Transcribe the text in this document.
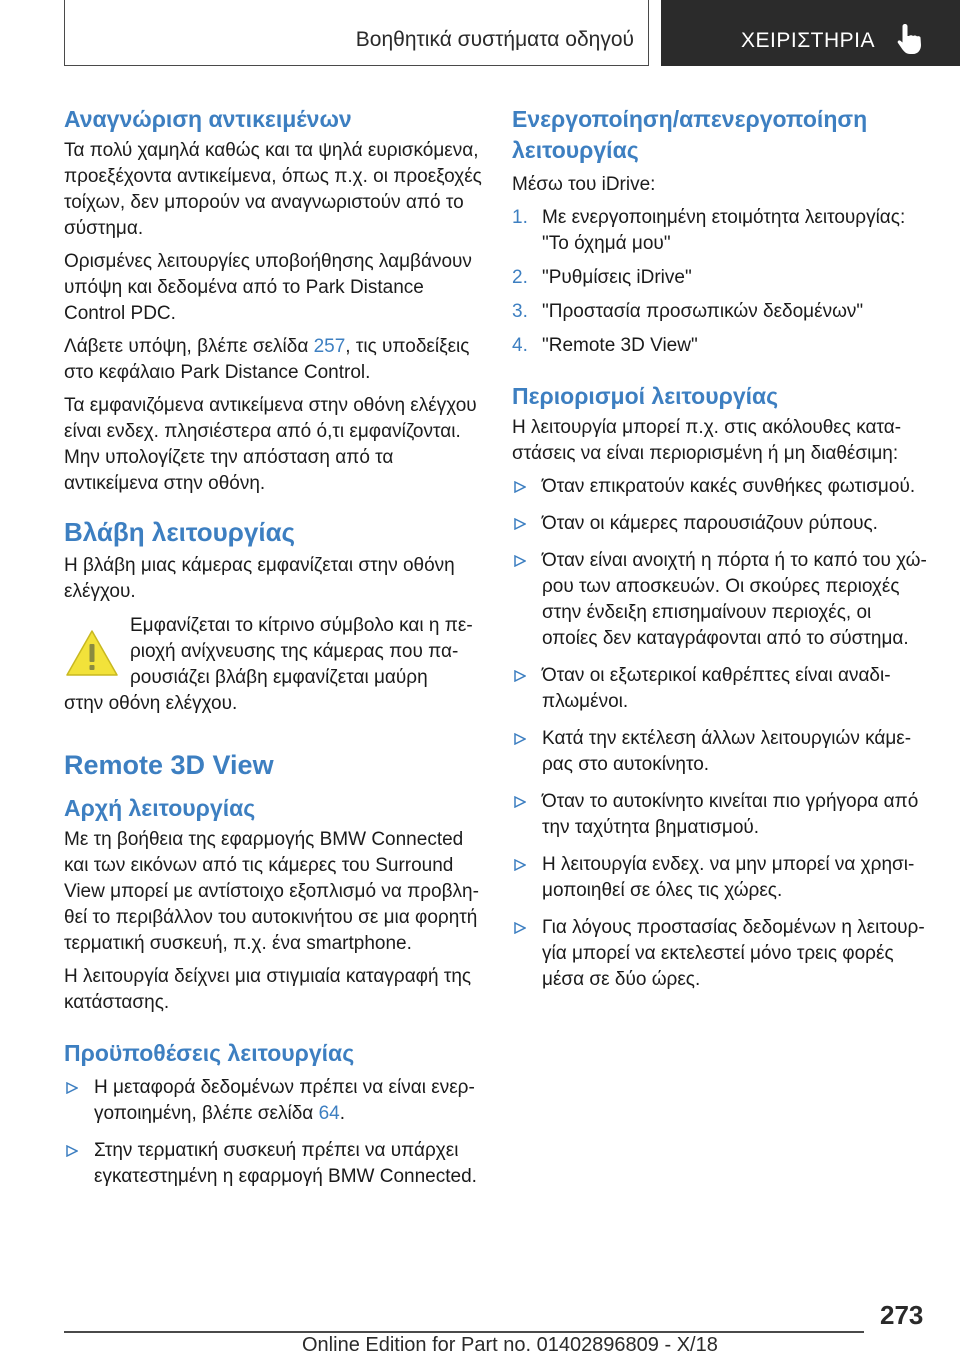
Βοηθητικά συστήματα οδηγού	ΧΕΙΡΙΣΤΗΡΙΑ
Αναγνώριση αντικειμένων

Τα πολύ χαμηλά καθώς και τα ψηλά ευρισκόμενα, προεξέχοντα αντικείμενα, όπως π.χ. οι προεξοχές τοίχων, δεν μπορούν να αναγνωριστούν από το σύστημα.

Ορισμένες λειτουργίες υποβοήθησης λαμβάνουν υπόψη και δεδομένα από το Park Distance Control PDC.

Λάβετε υπόψη, βλέπε σελίδα 257, τις υποδείξεις στο κεφάλαιο Park Distance Control.

Τα εμφανιζόμενα αντικείμενα στην οθόνη ελέγχου είναι ενδεχ. πλησιέστερα από ό,τι εμφανίζονται. Μην υπολογίζετε την απόσταση από τα αντικείμενα στην οθόνη.

Βλάβη λειτουργίας

Η βλάβη μιας κάμερας εμφανίζεται στην οθόνη ελέγχου.

Εμφανίζεται το κίτρινο σύμβολο και η περιοχή ανίχνευσης της κάμερας που παρουσιάζει βλάβη εμφανίζεται μαύρη

στην οθόνη ελέγχου.

Remote 3D View
Αρχή λειτουργίας

Με τη βοήθεια της εφαρμογής BMW Connected και των εικόνων από τις κάμερες του Surround View μπορεί με αντίστοιχο εξοπλισμό να προβληθεί το περιβάλλον του αυτοκινήτου σε μια φορητή τερματική συσκευή, π.χ. ένα smartphone.

Η λειτουργία δείχνει μια στιγμιαία καταγραφή της κατάστασης.

Προϋποθέσεις λειτουργίας
Η μεταφορά δεδομένων πρέπει να είναι ενεργοποιημένη, βλέπε σελίδα 64.
Στην τερματική συσκευή πρέπει να υπάρχει εγκατεστημένη η εφαρμογή BMW Connected.
Ενεργοποίηση/απενεργοποίηση λειτουργίας

Μέσω του iDrive:

1. Με ενεργοποιημένη ετοιμότητα λειτουργίας: "Το όχημά μου"
2. "Ρυθμίσεις iDrive"
3. "Προστασία προσωπικών δεδομένων"
4. "Remote 3D View"
Περιορισμοί λειτουργίας

Η λειτουργία μπορεί π.χ. στις ακόλουθες καταστάσεις να είναι περιορισμένη ή μη διαθέσιμη:

Όταν επικρατούν κακές συνθήκες φωτισμού.
Όταν οι κάμερες παρουσιάζουν ρύπους.
Όταν είναι ανοιχτή η πόρτα ή το καπό του χώρου των αποσκευών. Οι σκούρες περιοχές στην ένδειξη επισημαίνουν περιοχές, οι οποίες δεν καταγράφονται από το σύστημα.
Όταν οι εξωτερικοί καθρέπτες είναι αναδιπλωμένοι.
Κατά την εκτέλεση άλλων λειτουργιών κάμερας στο αυτοκίνητο.
Όταν το αυτοκίνητο κινείται πιο γρήγορα από την ταχύτητα βηματισμού.
Η λειτουργία ενδεχ. να μην μπορεί να χρησιμοποιηθεί σε όλες τις χώρες.
Για λόγους προστασίας δεδομένων η λειτουργία μπορεί να εκτελεστεί μόνο τρεις φορές μέσα σε δύο ώρες.
273
Online Edition for Part no. 01402896809 - X/18
